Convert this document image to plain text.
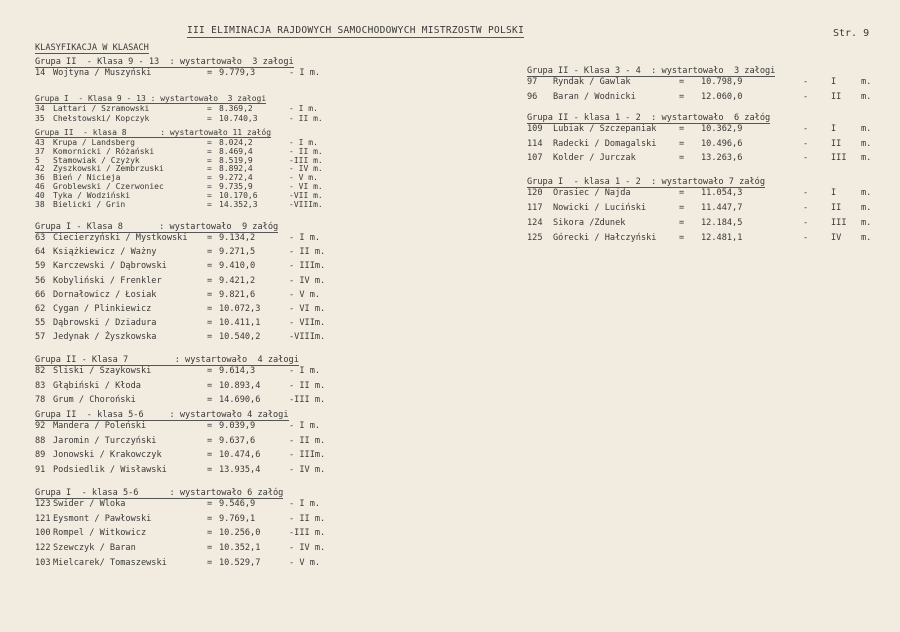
III ELIMINACJA RAJDOWYCH SAMOCHODOWYCH MISTRZOSTW POLSKI	Str. 9
KLASYFIKACJA W KLASACH
Grupa II  - Klasa 9 - 13  : wystartowało  3 załogi
14 Wojtyna / Muszyński	= 9.779,3	- I m.
Grupa I  - Klasa 9 - 13 : wystartowało  3 załogi
34 Lattari / Szramowski	= 8.369,2	- I m.
35 Chełstowski/ Kopczyk	= 10.740,3	- II m.
Grupa II  - klasa 8       : wystartowało 11 załóg
43 Krupa / Landsberg	= 8.024,2	- I m.
37 Komornicki / Różański	= 8.469,4	- II m.
5 Stamowiak / Czyżyk	= 8.519,9	-III m.
42 Zyszkowski / Zembrzuski	= 8.892,4	- IV m.
36 Bień / Nicieja	= 9.272,4	- V m.
46 Groblewski / Czerwoniec	= 9.735,9	- VI m.
40 Tyka / Wodziński	= 10.170,6	-VII m.
38 Bielicki / Grin	= 14.352,3	-VIIIm.
Grupa I - Klasa 8       : wystartowało  9 załóg
63 Ciecierzyński / Mystkowski = 9.134,2	- I m.
64 Książkiewicz / Ważny	= 9.271,5	- II m.
59 Karczewski / Dąbrowski	= 9.410,0	- IIIm.
56 Kobyliński / Frenkler	= 9.421,2	- IV m.
66 Dornałowicz / Łosiak	= 9.821,6	- V m.
62 Cygan / Plinkiewicz	= 10.072,3	- VI m.
55 Dąbrowski / Dziadura	= 10.411,1	- VIIm.
57 Jedynak / Żyszkowska	= 10.540,2	-VIIIm.
Grupa II - Klasa 7         : wystartowało  4 załogi
82 Sliski / Szaykowski	= 9.614,3	- I m.
83 Głąbiński / Kłoda	= 10.893,4	- II m.
78 Grum / Choroński	= 14.690,6	-III m.
Grupa II  - klasa 5-6     : wystartowało 4 załogi
92 Mandera / Poleński	= 9.039,9	- I m.
88 Jaromin / Turczyński	= 9.637,6	- II m.
89 Jonowski / Krakowczyk	= 10.474,6	- IIIm.
91 Podsiedlik / Wisławski	= 13.935,4	- IV m.
Grupa I  - klasa 5-6      : wystartowało 6 załóg
123 Swider / Wloka	= 9.546,9	- I m.
121 Eysmont / Pawłowski	= 9.769,1	- II m.
100 Rompel / Witkowicz	= 10.256,0	-III m.
122 Szewczyk / Baran	= 10.352,1	- IV m.
103 Mielcarek/ Tomaszewski	= 10.529,7	- V m.
Grupa II - Klasa 3 - 4  : wystartowało  3 załogi
97 Ryndak / Gawlak	= 10.798,9	-	I	m.
96 Baran / Wodnicki	= 12.060,0	-	II m.
Grupa II - klasa 1 - 2  : wystartowało  6 załóg
109 Lubiak / Szczepaniak	= 10.362,9	-	I	m.
114 Radecki / Domagalski	= 10.496,6	-	II m.
107 Kolder / Jurczak	= 13.263,6	-	III m.
Grupa I  - klasa 1 - 2  : wystartowało 7 załóg
120 Orasiec / Najda	= 11.054,3	-	I	m.
117 Nowicki / Luciński	= 11.447,7	-	II m.
124 Sikora /Zdunek	= 12.184,5	-	III m.
125 Górecki / Hałczyński	= 12.481,1	-	IV m.
